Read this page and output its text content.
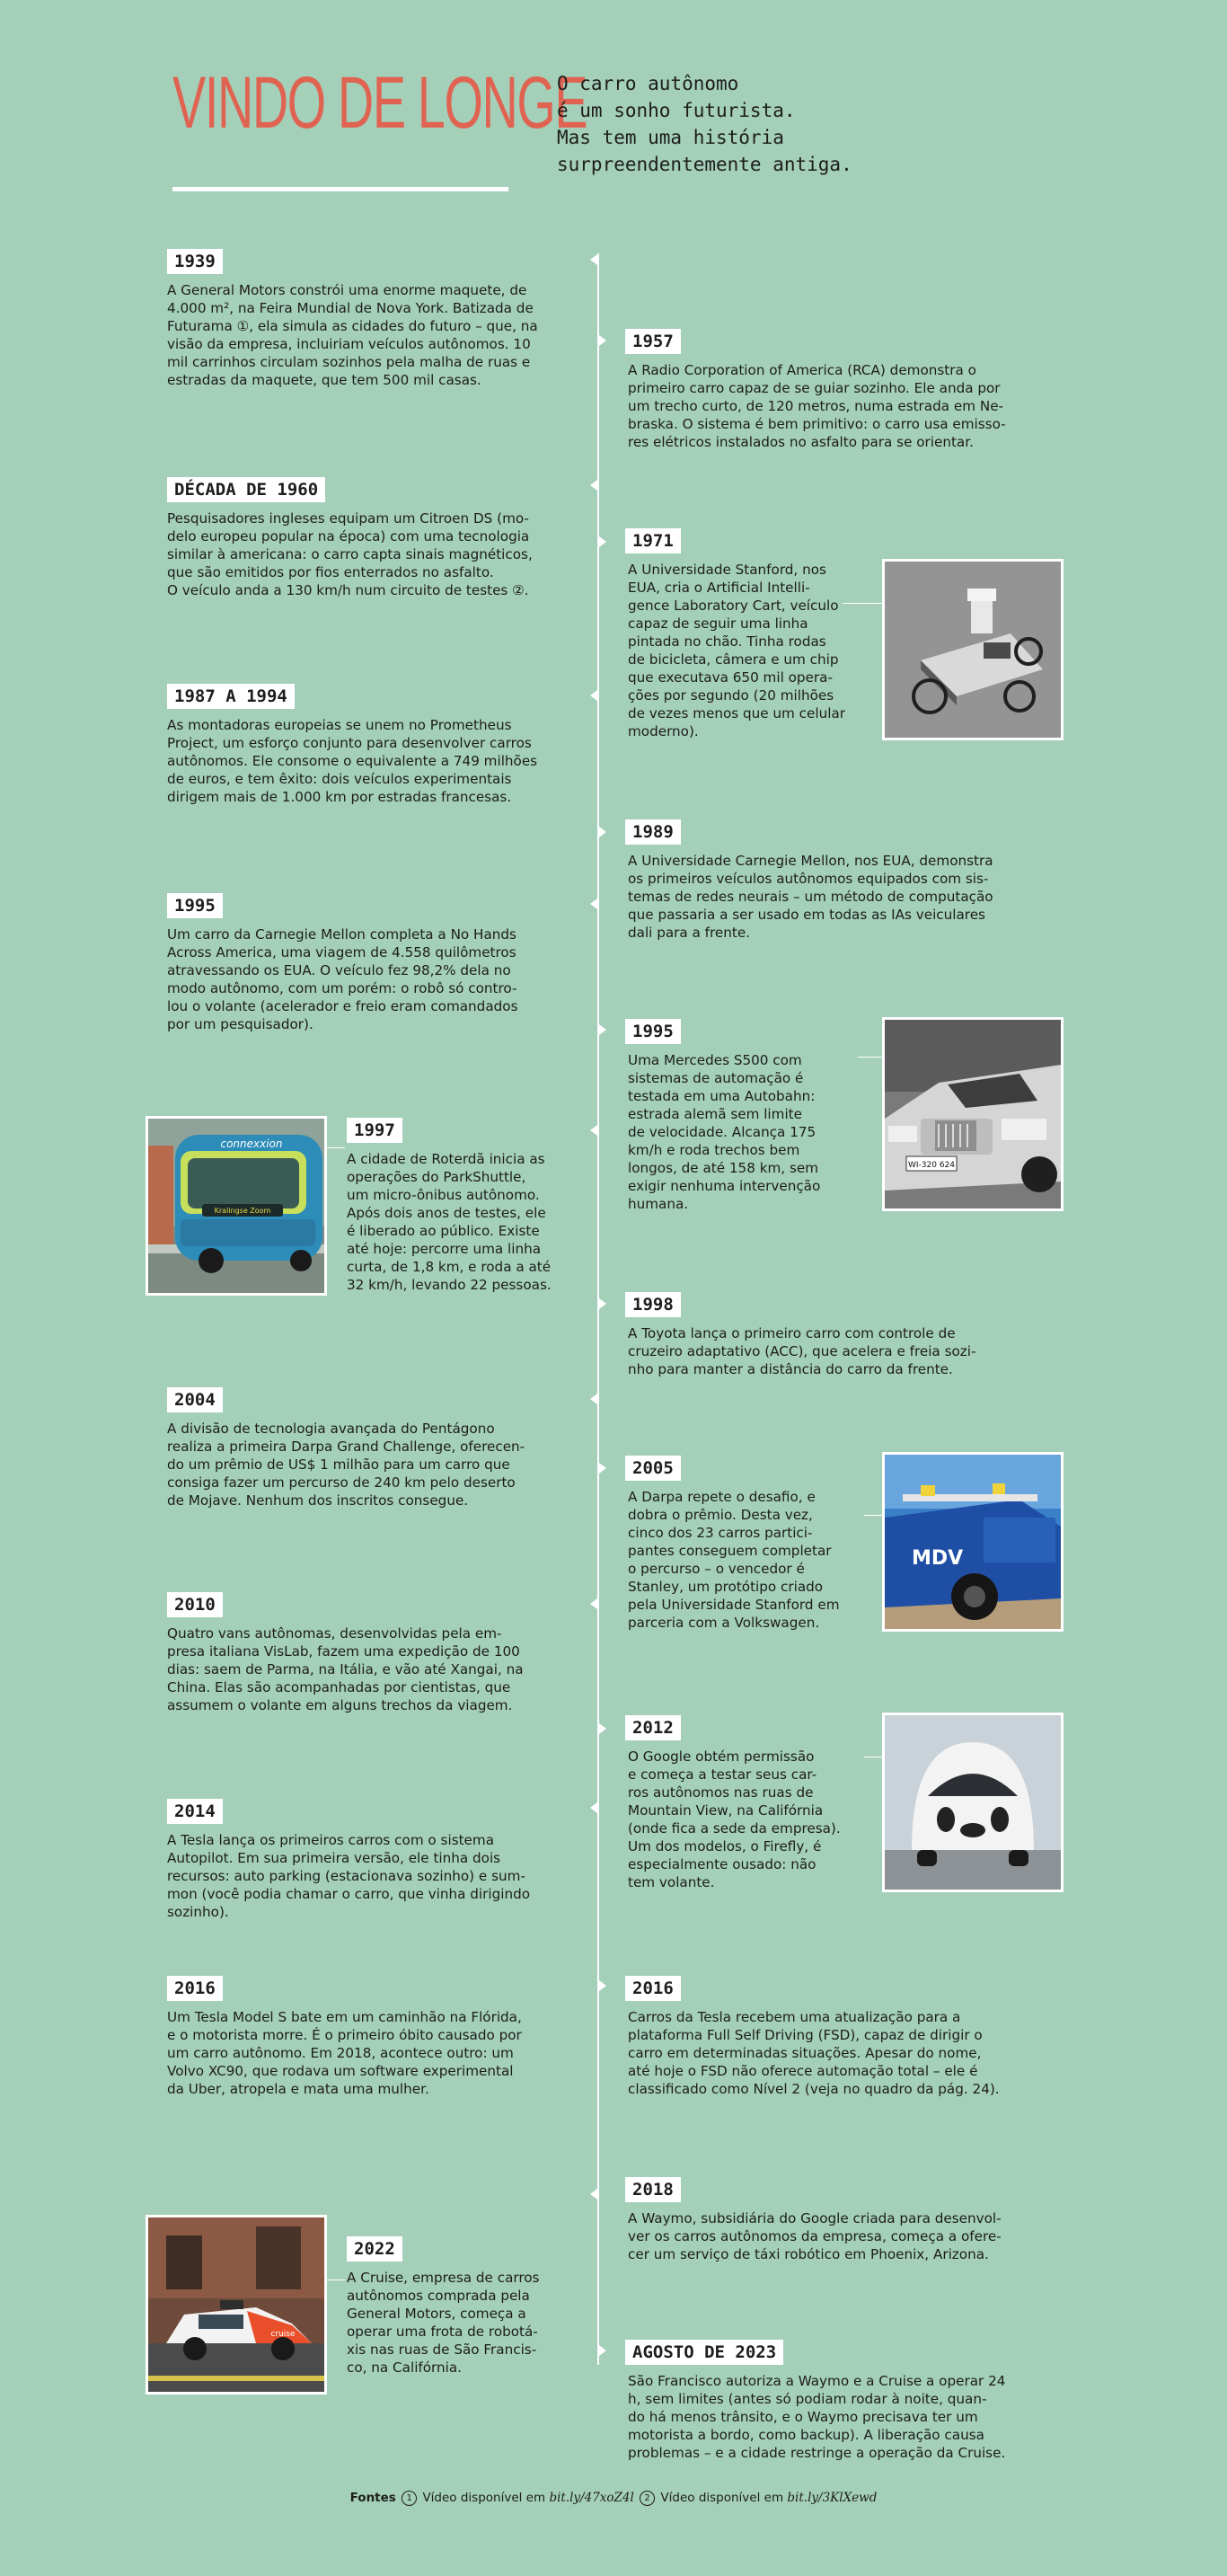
VINDO DE LONGE
O carro autônomo
é um sonho futurista.
Mas tem uma história
surpreendentemente antiga.
1939
A General Motors constrói uma enorme maquete, de
4.000 m², na Feira Mundial de Nova York. Batizada de
Futurama ①, ela simula as cidades do futuro – que, na
visão da empresa, incluiriam veículos autônomos. 10
mil carrinhos circulam sozinhos pela malha de ruas e
estradas da maquete, que tem 500 mil casas.
DÉCADA DE 1960
Pesquisadores ingleses equipam um Citroen DS (mo-
delo europeu popular na época) com uma tecnologia
similar à americana: o carro capta sinais magnéticos,
que são emitidos por fios enterrados no asfalto.
O veículo anda a 130 km/h num circuito de testes ②.
1987 A 1994
As montadoras europeias se unem no Prometheus
Project, um esforço conjunto para desenvolver carros
autônomos. Ele consome o equivalente a 749 milhões
de euros, e tem êxito: dois veículos experimentais
dirigem mais de 1.000 km por estradas francesas.
1995
Um carro da Carnegie Mellon completa a No Hands
Across America, uma viagem de 4.558 quilômetros
atravessando os EUA. O veículo fez 98,2% dela no
modo autônomo, com um porém: o robô só contro-
lou o volante (acelerador e freio eram comandados
por um pesquisador).
Kralingse Zoom
connexxion
1997
A cidade de Roterdã inicia as
operações do ParkShuttle,
um micro-ônibus autônomo.
Após dois anos de testes, ele
é liberado ao público. Existe
até hoje: percorre uma linha
curta, de 1,8 km, e roda a até
32 km/h, levando 22 pessoas.
2004
A divisão de tecnologia avançada do Pentágono
realiza a primeira Darpa Grand Challenge, oferecen-
do um prêmio de US$ 1 milhão para um carro que
consiga fazer um percurso de 240 km pelo deserto
de Mojave. Nenhum dos inscritos consegue.
2010
Quatro vans autônomas, desenvolvidas pela em-
presa italiana VisLab, fazem uma expedição de 100
dias: saem de Parma, na Itália, e vão até Xangai, na
China. Elas são acompanhadas por cientistas, que
assumem o volante em alguns trechos da viagem.
2014
A Tesla lança os primeiros carros com o sistema
Autopilot. Em sua primeira versão, ele tinha dois
recursos: auto parking (estacionava sozinho) e sum-
mon (você podia chamar o carro, que vinha dirigindo
sozinho).
2016
Um Tesla Model S bate em um caminhão na Flórida,
e o motorista morre. É o primeiro óbito causado por
um carro autônomo. Em 2018, acontece outro: um
Volvo XC90, que rodava um software experimental
da Uber, atropela e mata uma mulher.
cruise
2022
A Cruise, empresa de carros
autônomos comprada pela
General Motors, começa a
operar uma frota de robotá-
xis nas ruas de São Francis-
co, na Califórnia.
1957
A Radio Corporation of America (RCA) demonstra o
primeiro carro capaz de se guiar sozinho. Ele anda por
um trecho curto, de 120 metros, numa estrada em Ne-
braska. O sistema é bem primitivo: o carro usa emisso-
res elétricos instalados no asfalto para se orientar.
1971
A Universidade Stanford, nos
EUA, cria o Artificial Intelli-
gence Laboratory Cart, veículo
capaz de seguir uma linha
pintada no chão. Tinha rodas
de bicicleta, câmera e um chip
que executava 650 mil opera-
ções por segundo (20 milhões
de vezes menos que um celular
moderno).
1989
A Universidade Carnegie Mellon, nos EUA, demonstra
os primeiros veículos autônomos equipados com sis-
temas de redes neurais – um método de computação
que passaria a ser usado em todas as IAs veiculares
dali para a frente.
1995
Uma Mercedes S500 com
sistemas de automação é
testada em uma Autobahn:
estrada alemã sem limite
de velocidade. Alcança 175
km/h e roda trechos bem
longos, de até 158 km, sem
exigir nenhuma intervenção
humana.
WI-320 624
1998
A Toyota lança o primeiro carro com controle de
cruzeiro adaptativo (ACC), que acelera e freia sozi-
nho para manter a distância do carro da frente.
2005
A Darpa repete o desafio, e
dobra o prêmio. Desta vez,
cinco dos 23 carros partici-
pantes conseguem completar
o percurso – o vencedor é
Stanley, um protótipo criado
pela Universidade Stanford em
parceria com a Volkswagen.
MDV
2012
O Google obtém permissão
e começa a testar seus car-
ros autônomos nas ruas de
Mountain View, na Califórnia
(onde fica a sede da empresa).
Um dos modelos, o Firefly, é
especialmente ousado: não
tem volante.
2016
Carros da Tesla recebem uma atualização para a
plataforma Full Self Driving (FSD), capaz de dirigir o
carro em determinadas situações. Apesar do nome,
até hoje o FSD não oferece automação total – ele é
classificado como Nível 2 (veja no quadro da pág. 24).
2018
A Waymo, subsidiária do Google criada para desenvol-
ver os carros autônomos da empresa, começa a ofere-
cer um serviço de táxi robótico em Phoenix, Arizona.
AGOSTO DE 2023
São Francisco autoriza a Waymo e a Cruise a operar 24
h, sem limites (antes só podiam rodar à noite, quan-
do há menos trânsito, e o Waymo precisava ter um
motorista a bordo, como backup). A liberação causa
problemas – e a cidade restringe a operação da Cruise.
Fontes 1 Vídeo disponível em bit.ly/47xoZ4l 2 Vídeo disponível em bit.ly/3KlXewd
